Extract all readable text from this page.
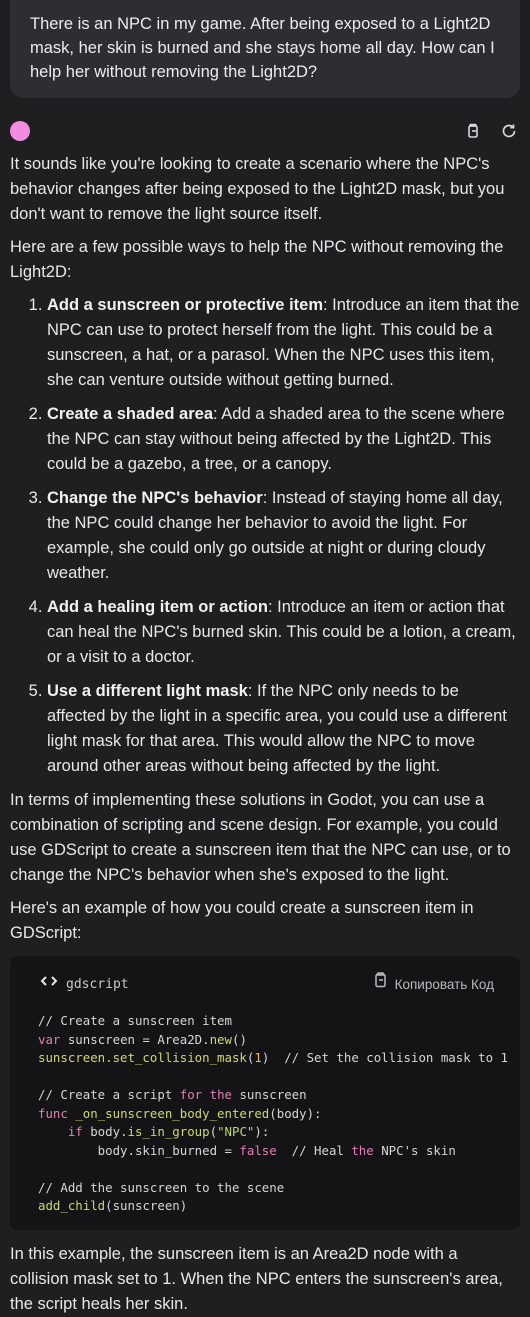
There is an NPC in my game. After being exposed to a Light2D mask, her skin is burned and she stays home all day. How can I help her without removing the Light2D?

It sounds like you're looking to create a scenario where the NPC's behavior changes after being exposed to the Light2D mask, but you don't want to remove the light source itself.

Here are a few possible ways to help the NPC without removing the Light2D:

1. Add a sunscreen or protective item: Introduce an item that the NPC can use to protect herself from the light. This could be a sunscreen, a hat, or a parasol. When the NPC uses this item, she can venture outside without getting burned.
2. Create a shaded area: Add a shaded area to the scene where the NPC can stay without being affected by the Light2D. This could be a gazebo, a tree, or a canopy.
3. Change the NPC's behavior: Instead of staying home all day, the NPC could change her behavior to avoid the light. For example, she could only go outside at night or during cloudy weather.
4. Add a healing item or action: Introduce an item or action that can heal the NPC's burned skin. This could be a lotion, a cream, or a visit to a doctor.
5. Use a different light mask: If the NPC only needs to be affected by the light in a specific area, you could use a different light mask for that area. This would allow the NPC to move around other areas without being affected by the light.

In terms of implementing these solutions in Godot, you can use a combination of scripting and scene design. For example, you could use GDScript to create a sunscreen item that the NPC can use, or to change the NPC's behavior when she's exposed to the light.

Here's an example of how you could create a sunscreen item in GDScript:

gdscript	Копировать Код
// Create a sunscreen item
var sunscreen = Area2D.new()
sunscreen.set_collision_mask(1)  // Set the collision mask to 1

// Create a script for the sunscreen
func _on_sunscreen_body_entered(body):
if body.is_in_group("NPC"):
body.skin_burned = false  // Heal the NPC's skin

// Add the sunscreen to the scene
add_child(sunscreen)

In this example, the sunscreen item is an Area2D node with a collision mask set to 1. When the NPC enters the sunscreen's area, the script heals her skin.
